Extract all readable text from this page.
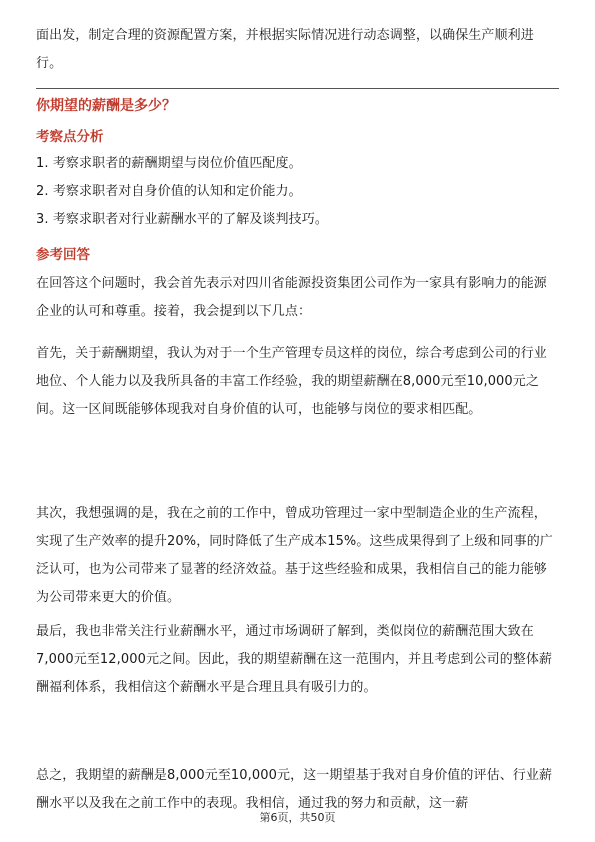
面出发，制定合理的资源配置方案，并根据实际情况进行动态调整，以确保生产顺利进行。

你期望的薪酬是多少？
考察点分析

1. 考察求职者的薪酬期望与岗位价值匹配度。

2. 考察求职者对自身价值的认知和定价能力。

3. 考察求职者对行业薪酬水平的了解及谈判技巧。

参考回答

在回答这个问题时，我会首先表示对四川省能源投资集团公司作为一家具有影响力的能源企业的认可和尊重。接着，我会提到以下几点：

首先，关于薪酬期望，我认为对于一个生产管理专员这样的岗位，综合考虑到公司的行业地位、个人能力以及我所具备的丰富工作经验，我的期望薪酬在8,000元至10,000元之间。这一区间既能够体现我对自身价值的认可，也能够与岗位的要求相匹配。

其次，我想强调的是，我在之前的工作中，曾成功管理过一家中型制造企业的生产流程，实现了生产效率的提升20%，同时降低了生产成本15%。这些成果得到了上级和同事的广泛认可，也为公司带来了显著的经济效益。基于这些经验和成果，我相信自己的能力能够为公司带来更大的价值。

最后，我也非常关注行业薪酬水平，通过市场调研了解到，类似岗位的薪酬范围大致在7,000元至12,000元之间。因此，我的期望薪酬在这一范围内，并且考虑到公司的整体薪酬福利体系，我相信这个薪酬水平是合理且具有吸引力的。

总之，我期望的薪酬是8,000元至10,000元，这一期望基于我对自身价值的评估、行业薪酬水平以及我在之前工作中的表现。我相信，通过我的努力和贡献，这一薪

第6页，共50页
